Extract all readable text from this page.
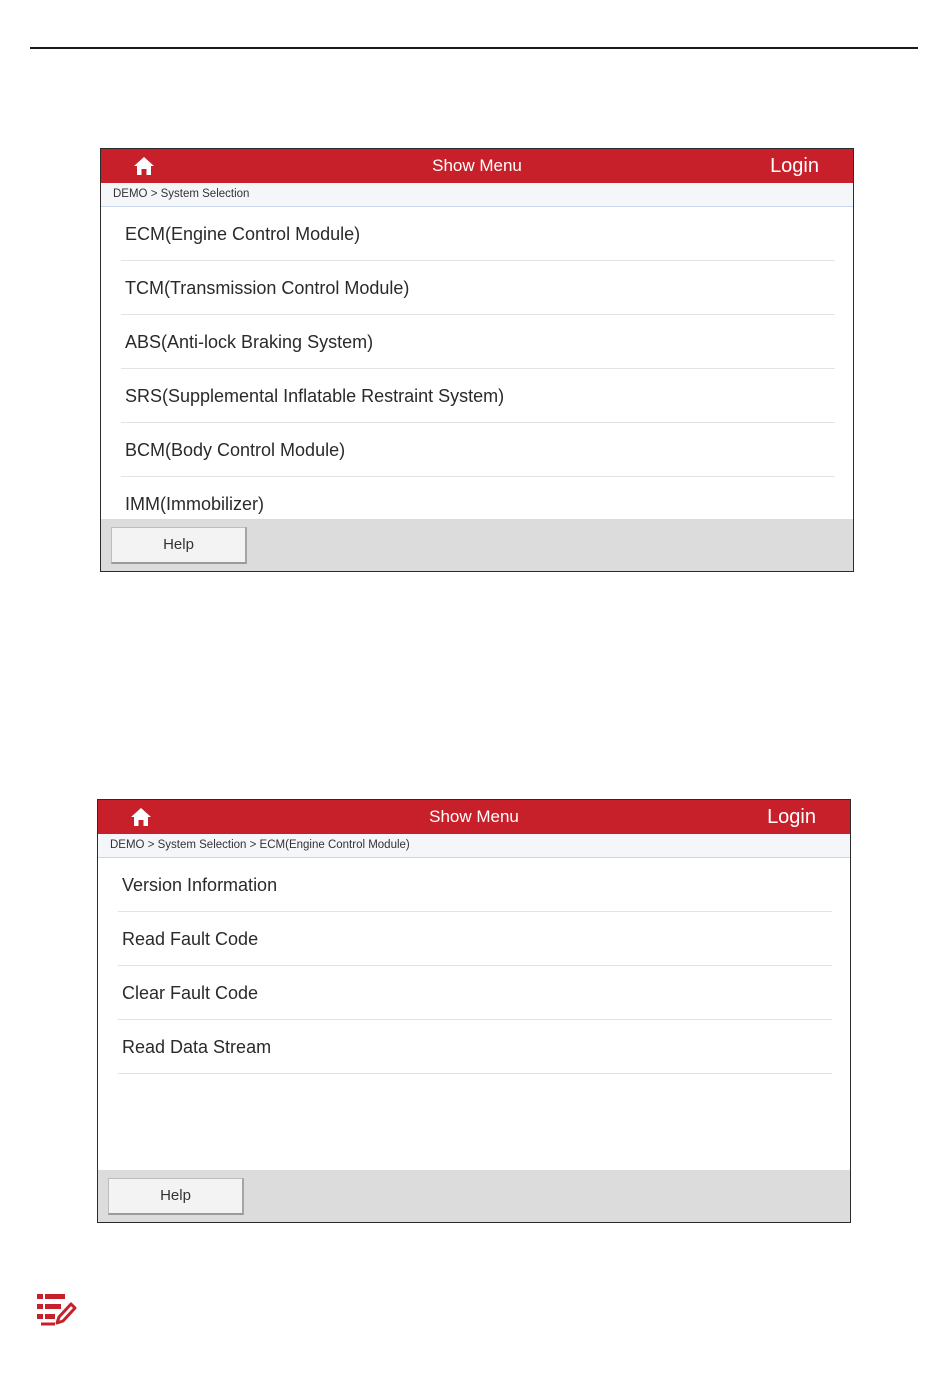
Show Menu	Login
DEMO > System Selection
ECM(Engine Control Module)
TCM(Transmission Control Module)
ABS(Anti-lock Braking System)
SRS(Supplemental Inflatable Restraint System)
BCM(Body Control Module)
IMM(Immobilizer)
Help
Show Menu	Login
DEMO > System Selection > ECM(Engine Control Module)
Version Information
Read Fault Code
Clear Fault Code
Read Data Stream
Help
